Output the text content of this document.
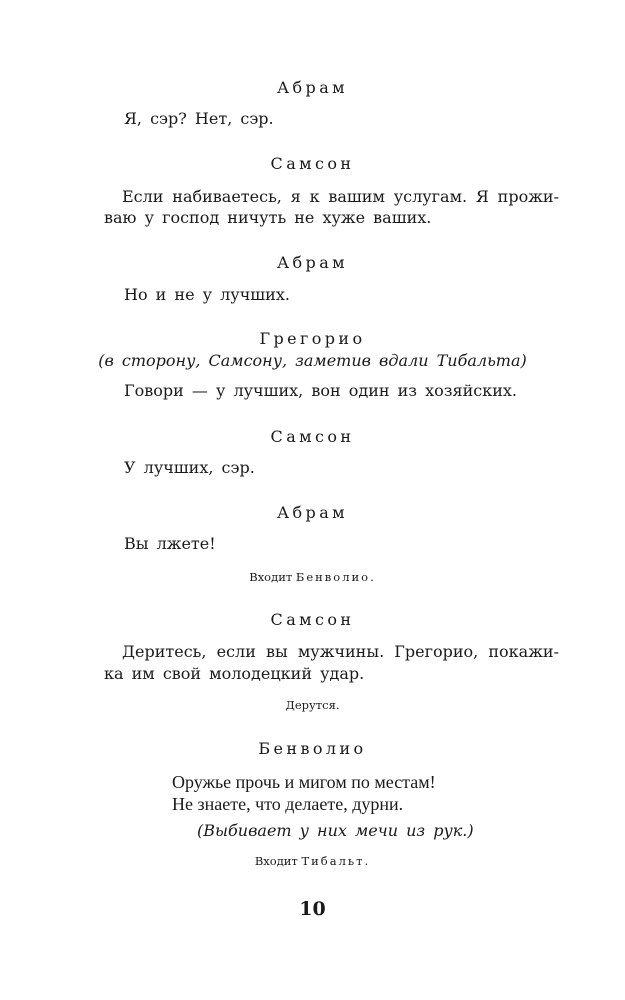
Абрам

Я, сэр? Нет, сэр.

Самсон

Если набиваетесь, я к вашим услугам. Я прожи-

ваю у господ ничуть не хуже ваших.

Абрам

Но и не у лучших.

Грегорио

(в сторону, Самсону, заметив вдали Тибальта)

Говори — у лучших, вон один из хозяйских.

Самсон

У лучших, сэр.

Абрам

Вы лжете!

Входит Бенволио.

Самсон

Деритесь, если вы мужчины. Грегорио, покажи-

ка им свой молодецкий удар.

Дерутся.

Бенволио

Оружье прочь и мигом по местам!

Не знаете, что делаете, дурни.

(Выбивает у них мечи из рук.)

Входит Тибальт.

10
